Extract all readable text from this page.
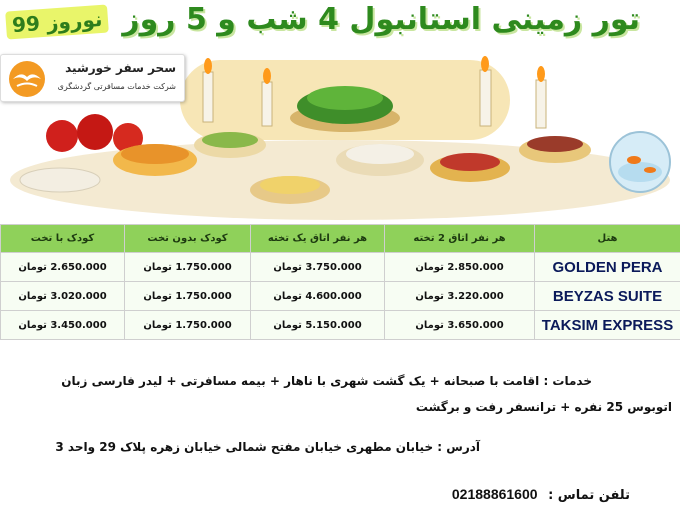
تور زمینی استانبول 4 شب و 5 روز
نوروز 99
سحر سفر خورشید
شرکت خدمات مسافرتی گردشگری
کودک با تخت	کودک بدون تخت	هر نفر اتاق یک تخته	هر نفر اتاق 2 تخته	هتل
2.650.000 تومان	1.750.000 تومان	3.750.000 تومان	2.850.000 تومان	GOLDEN PERA
3.020.000 تومان	1.750.000 تومان	4.600.000 تومان	3.220.000 تومان	BEYZAS SUITE
3.450.000 تومان	1.750.000 تومان	5.150.000 تومان	3.650.000 تومان	TAKSIM EXPRESS
خدمات : اقامت با صبحانه + یک گشت شهری با ناهار + بیمه مسافرتی + لیدر فارسی زبان
اتوبوس 25 نفره + ترانسفر رفت و برگشت
آدرس : خیابان مطهری خیابان مفتح شمالی خیابان زهره پلاک 29 واحد 3
تلفن تماس : 02188861600
